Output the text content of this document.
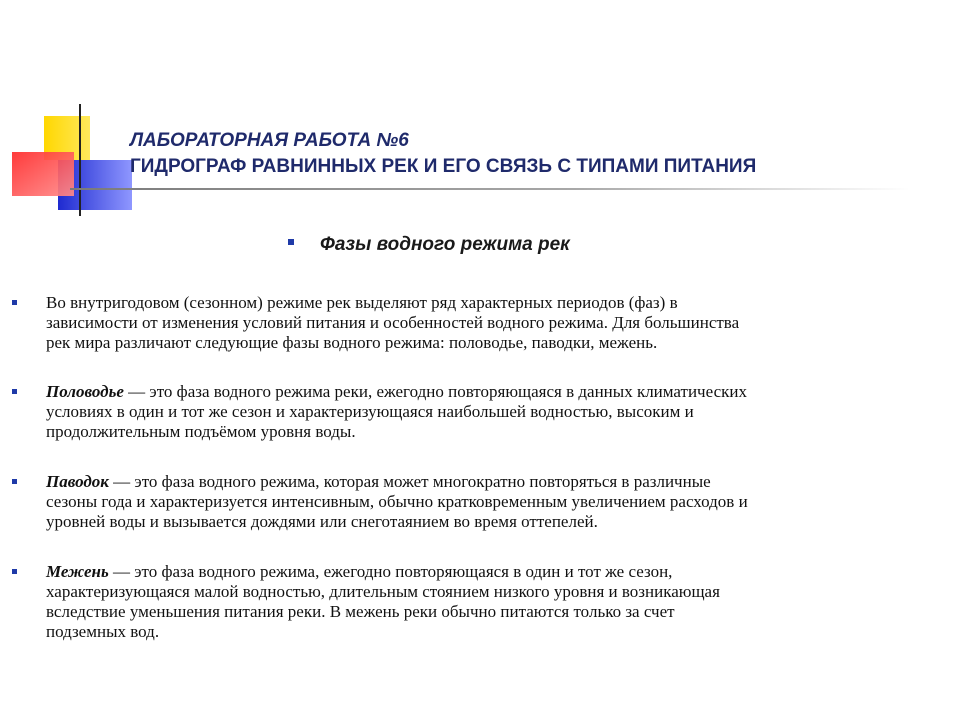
ЛАБОРАТОРНАЯ РАБОТА №6
ГИДРОГРАФ РАВНИННЫХ РЕК И ЕГО СВЯЗЬ С ТИПАМИ ПИТАНИЯ
Фазы водного режима рек
Во внутригодовом (сезонном) режиме рек выделяют ряд характерных периодов (фаз) в
зависимости от изменения условий питания и особенностей водного режима. Для большинства
рек мира различают следующие фазы водного режима: половодье, паводки, межень.
Половодье — это фаза водного режима реки, ежегодно повторяющаяся в данных климатических
условиях в один и тот же сезон и характеризующаяся наибольшей водностью, высоким и
продолжительным подъёмом уровня воды.
Паводок — это фаза водного режима, которая может многократно повторяться в различные
сезоны года и характеризуется интенсивным, обычно кратковременным увеличением расходов и
уровней воды и вызывается дождями или снеготаянием во время оттепелей.
Межень — это фаза водного режима, ежегодно повторяющаяся в один и тот же сезон,
характеризующаяся малой водностью, длительным стоянием низкого уровня и возникающая
вследствие уменьшения питания реки. В межень реки обычно питаются только за счет
подземных вод.
